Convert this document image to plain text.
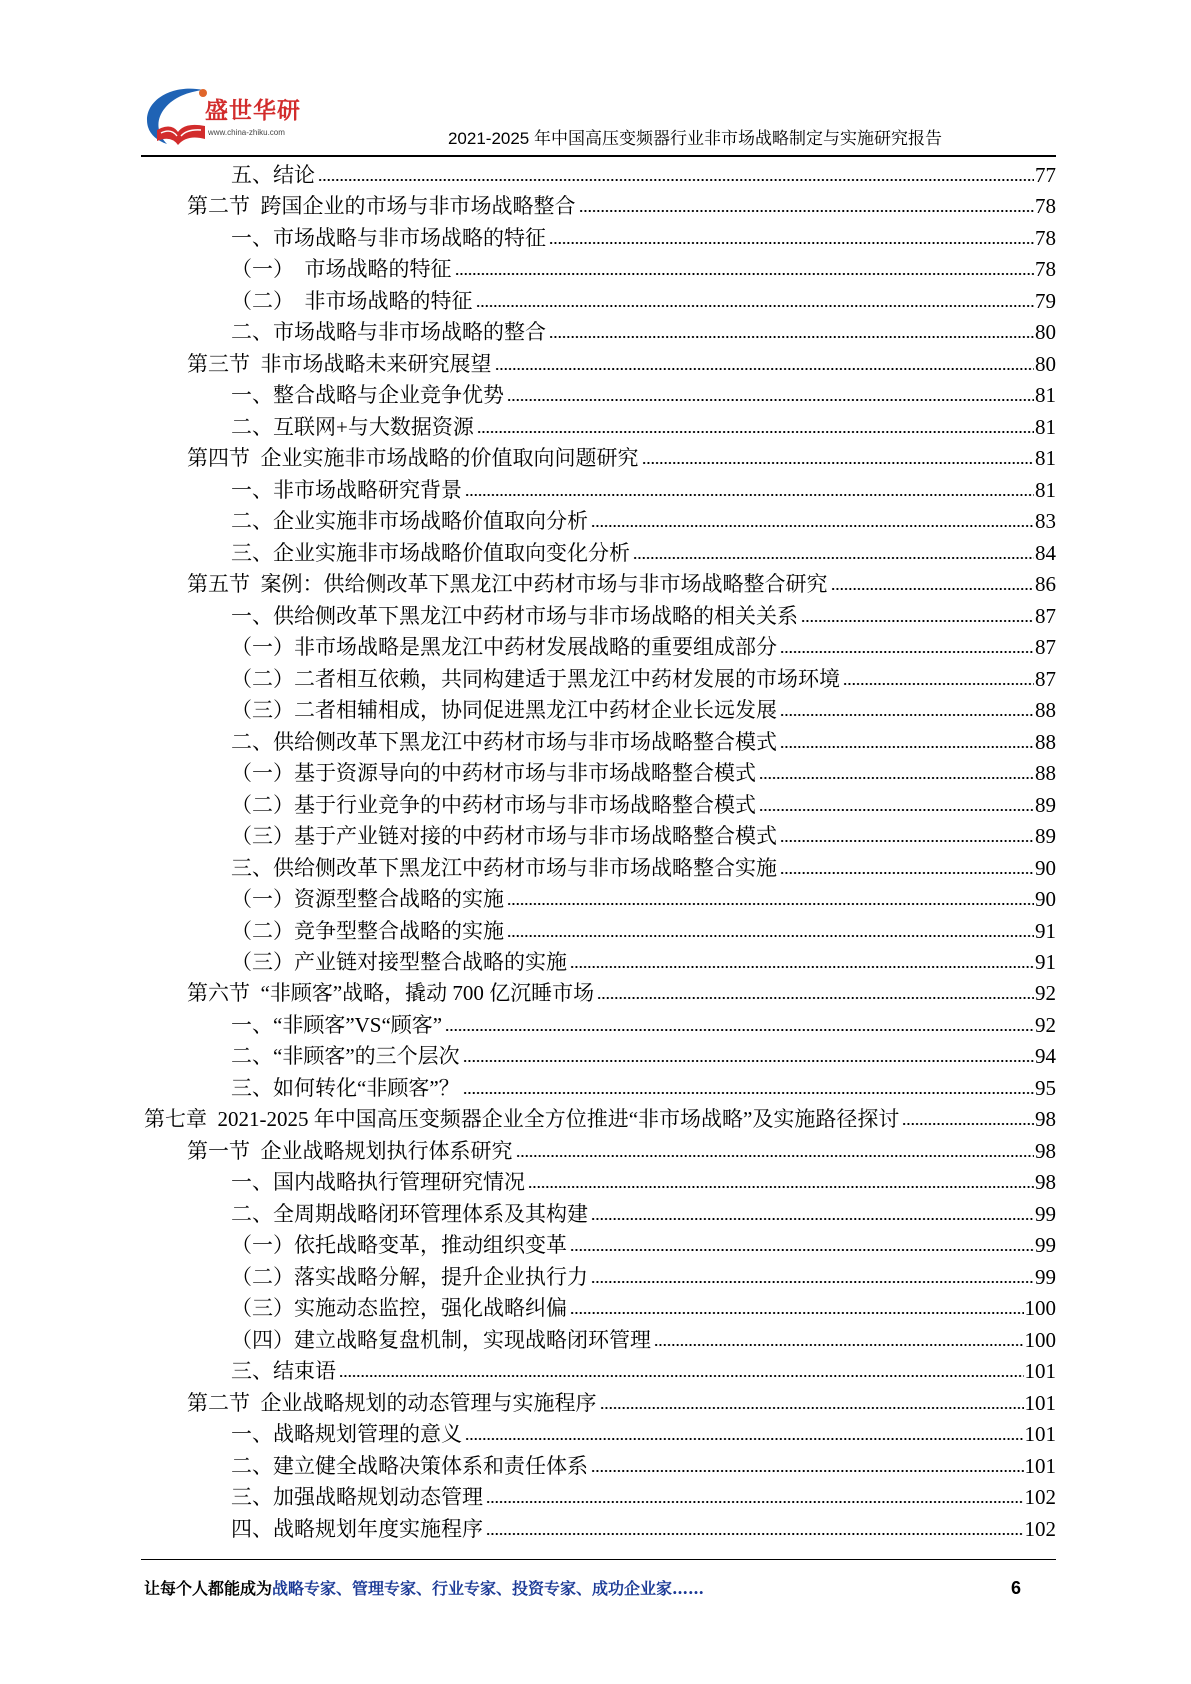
盛世华研
www.china-zhiku.com	2021-2025 年中国高压变频器行业非市场战略制定与实施研究报告
五、结论	77
第二节  跨国企业的市场与非市场战略整合	78
一、市场战略与非市场战略的特征	78
（一）  市场战略的特征	78
（二）  非市场战略的特征	79
二、市场战略与非市场战略的整合	80
第三节  非市场战略未来研究展望	80
一、整合战略与企业竞争优势	81
二、互联网+与大数据资源	81
第四节  企业实施非市场战略的价值取向问题研究	81
一、非市场战略研究背景	81
二、企业实施非市场战略价值取向分析	83
三、企业实施非市场战略价值取向变化分析	84
第五节  案例：供给侧改革下黑龙江中药材市场与非市场战略整合研究	86
一、供给侧改革下黑龙江中药材市场与非市场战略的相关关系	87
（一）非市场战略是黑龙江中药材发展战略的重要组成部分	87
（二）二者相互依赖，共同构建适于黑龙江中药材发展的市场环境	87
（三）二者相辅相成，协同促进黑龙江中药材企业长远发展	88
二、供给侧改革下黑龙江中药材市场与非市场战略整合模式	88
（一）基于资源导向的中药材市场与非市场战略整合模式	88
（二）基于行业竞争的中药材市场与非市场战略整合模式	89
（三）基于产业链对接的中药材市场与非市场战略整合模式	89
三、供给侧改革下黑龙江中药材市场与非市场战略整合实施	90
（一）资源型整合战略的实施	90
（二）竞争型整合战略的实施	91
（三）产业链对接型整合战略的实施	91
第六节  “非顾客”战略，撬动 700 亿沉睡市场	92
一、“非顾客”VS“顾客”	92
二、“非顾客”的三个层次	94
三、如何转化“非顾客”？	95
第七章  2021-2025 年中国高压变频器企业全方位推进“非市场战略”及实施路径探讨	98
第一节  企业战略规划执行体系研究	98
一、国内战略执行管理研究情况	98
二、全周期战略闭环管理体系及其构建	99
（一）依托战略变革，推动组织变革	99
（二）落实战略分解，提升企业执行力	99
（三）实施动态监控，强化战略纠偏	100
（四）建立战略复盘机制，实现战略闭环管理	100
三、结束语	101
第二节  企业战略规划的动态管理与实施程序	101
一、战略规划管理的意义	101
二、建立健全战略决策体系和责任体系	101
三、加强战略规划动态管理	102
四、战略规划年度实施程序	102
让每个人都能成为战略专家、管理专家、行业专家、投资专家、成功企业家……	6
